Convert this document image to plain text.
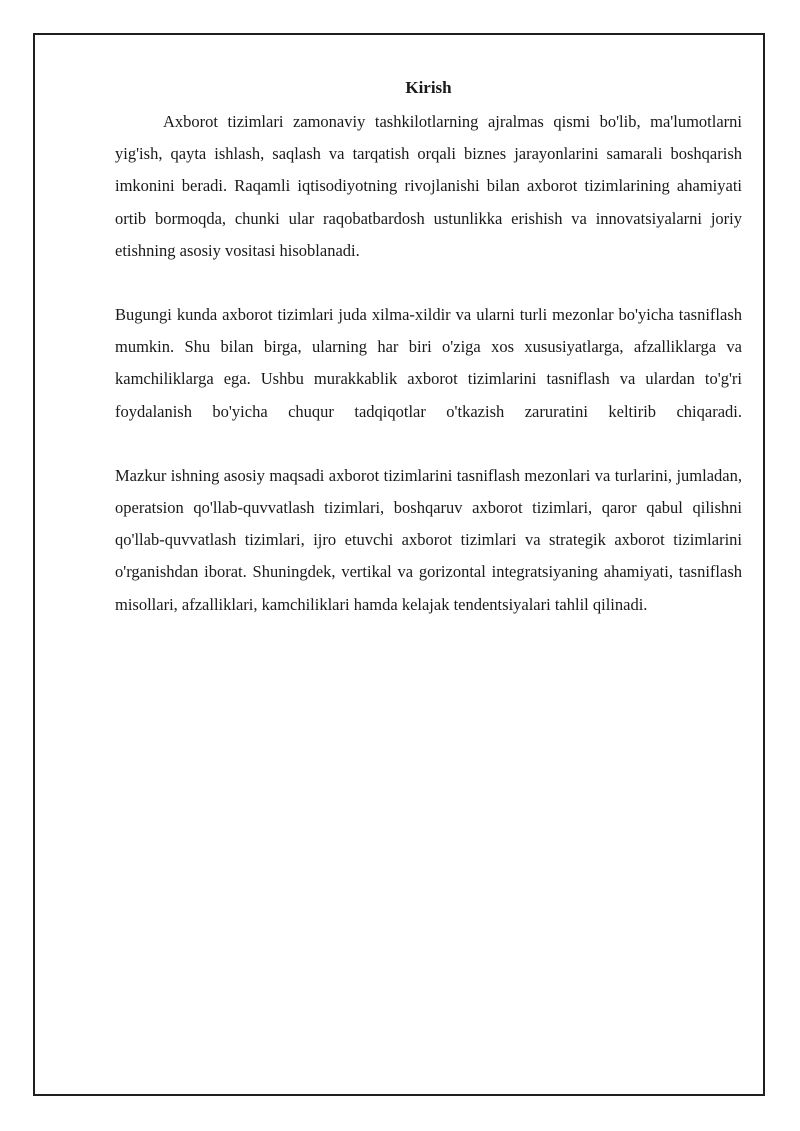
Kirish

Axborot tizimlari zamonaviy tashkilotlarning ajralmas qismi bo'lib, ma'lumotlarni yig'ish, qayta ishlash, saqlash va tarqatish orqali biznes jarayonlarini samarali boshqarish imkonini beradi. Raqamli iqtisodiyotning rivojlanishi bilan axborot tizimlarining ahamiyati ortib bormoqda, chunki ular raqobatbardosh ustunlikka erishish va innovatsiyalarni joriy etishning asosiy vositasi hisoblanadi.

Bugungi kunda axborot tizimlari juda xilma-xildir va ularni turli mezonlar bo'yicha tasniflash mumkin. Shu bilan birga, ularning har biri o'ziga xos xususiyatlarga, afzalliklarga va kamchiliklarga ega. Ushbu murakkablik axborot tizimlarini tasniflash va ulardan to'g'ri foydalanish bo'yicha chuqur tadqiqotlar o'tkazish zaruratini keltirib chiqaradi.

Mazkur ishning asosiy maqsadi axborot tizimlarini tasniflash mezonlari va turlarini, jumladan, operatsion qo'llab-quvvatlash tizimlari, boshqaruv axborot tizimlari, qaror qabul qilishni qo'llab-quvvatlash tizimlari, ijro etuvchi axborot tizimlari va strategik axborot tizimlarini o'rganishdan iborat. Shuningdek, vertikal va gorizontal integratsiyaning ahamiyati, tasniflash misollari, afzalliklari, kamchiliklari hamda kelajak tendentsiyalari tahlil qilinadi.
